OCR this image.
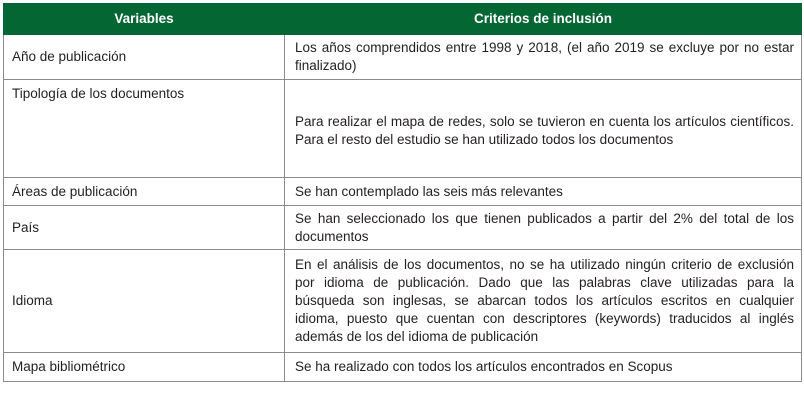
Variables	Criterios de inclusión
Año de publicación	Los años comprendidos entre 1998 y 2018, (el año 2019 se excluye por no estar finalizado)
Tipología de los documentos	Para realizar el mapa de redes, solo se tuvieron en cuenta los artículos científicos. Para el resto del estudio se han utilizado todos los documentos
Áreas de publicación	Se han contemplado las seis más relevantes
País	Se han seleccionado los que tienen publicados a partir del 2% del total de los documentos
Idioma	En el análisis de los documentos, no se ha utilizado ningún criterio de exclusión por idioma de publicación. Dado que las palabras clave utilizadas para la búsqueda son inglesas, se abarcan todos los artículos escritos en cualquier idioma, puesto que cuentan con descriptores (keywords) traducidos al inglés además de los del idioma de publicación
Mapa bibliométrico	Se ha realizado con todos los artículos encontrados en Scopus
